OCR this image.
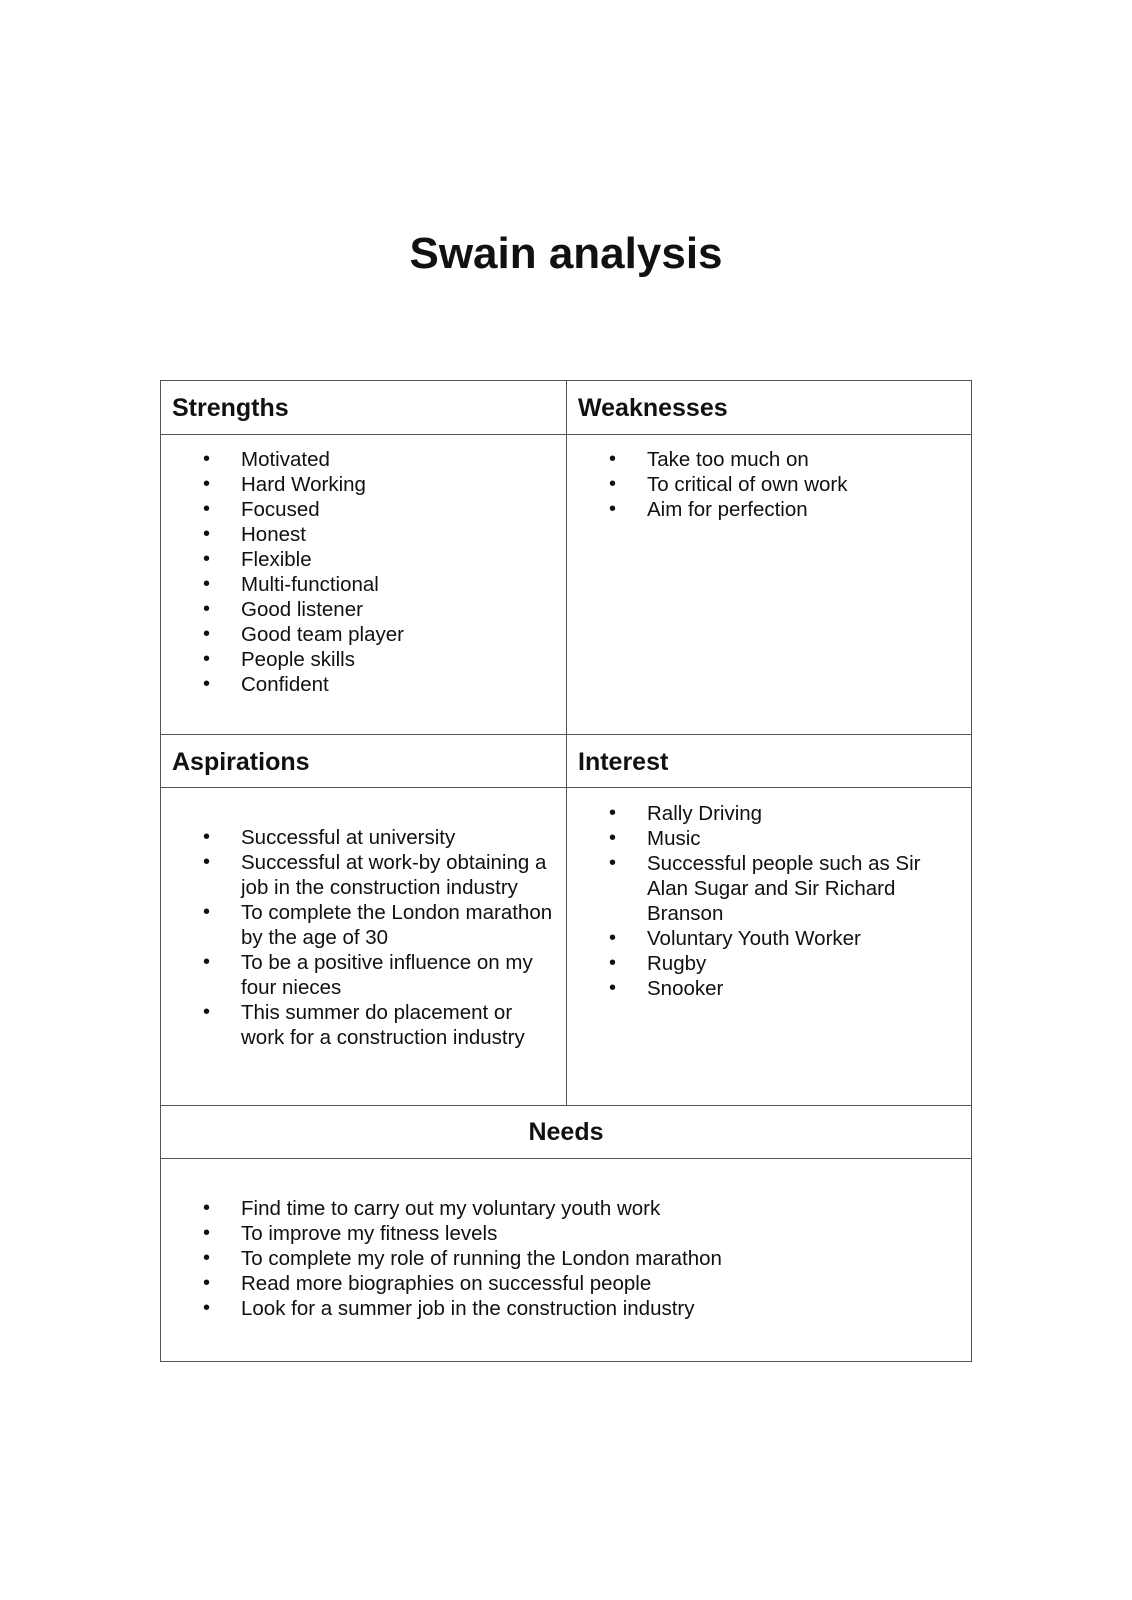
Swain analysis
Strengths
• Motivated
• Hard Working
• Focused
• Honest
• Flexible
• Multi-functional
• Good listener
• Good team player
• People skills
• Confident
Weaknesses
• Take too much on
• To critical of own work
• Aim for perfection
Aspirations
• Successful at university
• Successful at work-by obtaining a job in the construction industry
• To complete the London marathon by the age of 30
• To be a positive influence on my four nieces
• This summer do placement or work for a construction industry
Interest
• Rally Driving
• Music
• Successful people such as Sir Alan Sugar and Sir Richard Branson
• Voluntary Youth Worker
• Rugby
• Snooker
Needs
• Find time to carry out my voluntary youth work
• To improve my fitness levels
• To complete my role of running the London marathon
• Read more biographies on successful people
• Look for a summer job in the construction industry
